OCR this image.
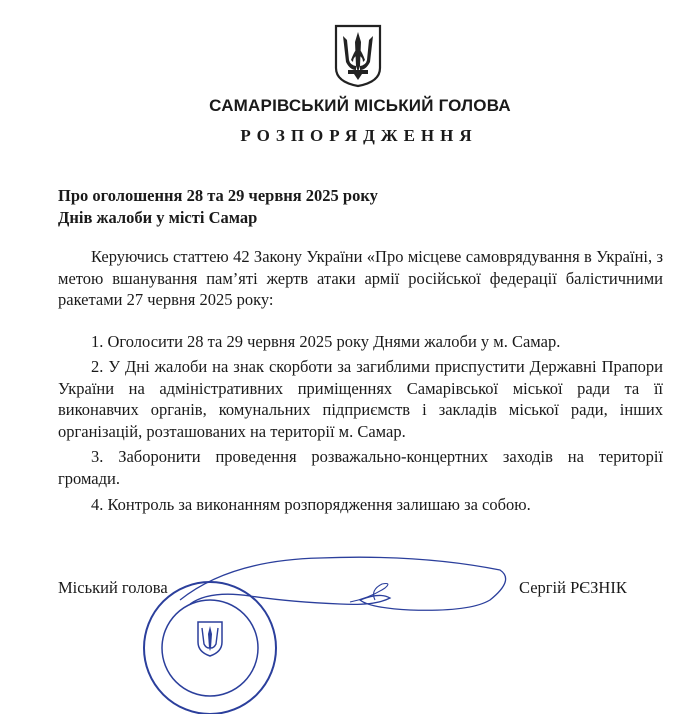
САМАРІВСЬКИЙ МІСЬКИЙ ГОЛОВА
РОЗПОРЯДЖЕННЯ
Про оголошення 28 та 29 червня 2025 року
Днів жалоби у місті Самар
Керуючись статтею 42 Закону України «Про місцеве самоврядування в Україні, з метою вшанування пам’яті жертв атаки армії російської федерації балістичними ракетами 27 червня 2025 року:
1. Оголосити 28 та 29 червня 2025 року Днями жалоби у м. Самар.
2. У Дні жалоби на знак скорботи за загиблими приспустити Державні Прапори України на адміністративних приміщеннях Самарівської міської ради та її виконавчих органів, комунальних підприємств і закладів міської ради, інших організацій, розташованих на території м. Самар.
3. Заборонити проведення розважально-концертних заходів на території громади.
4. Контроль за виконанням розпорядження залишаю за собою.
Міський голова	Сергій РЄЗНІК
